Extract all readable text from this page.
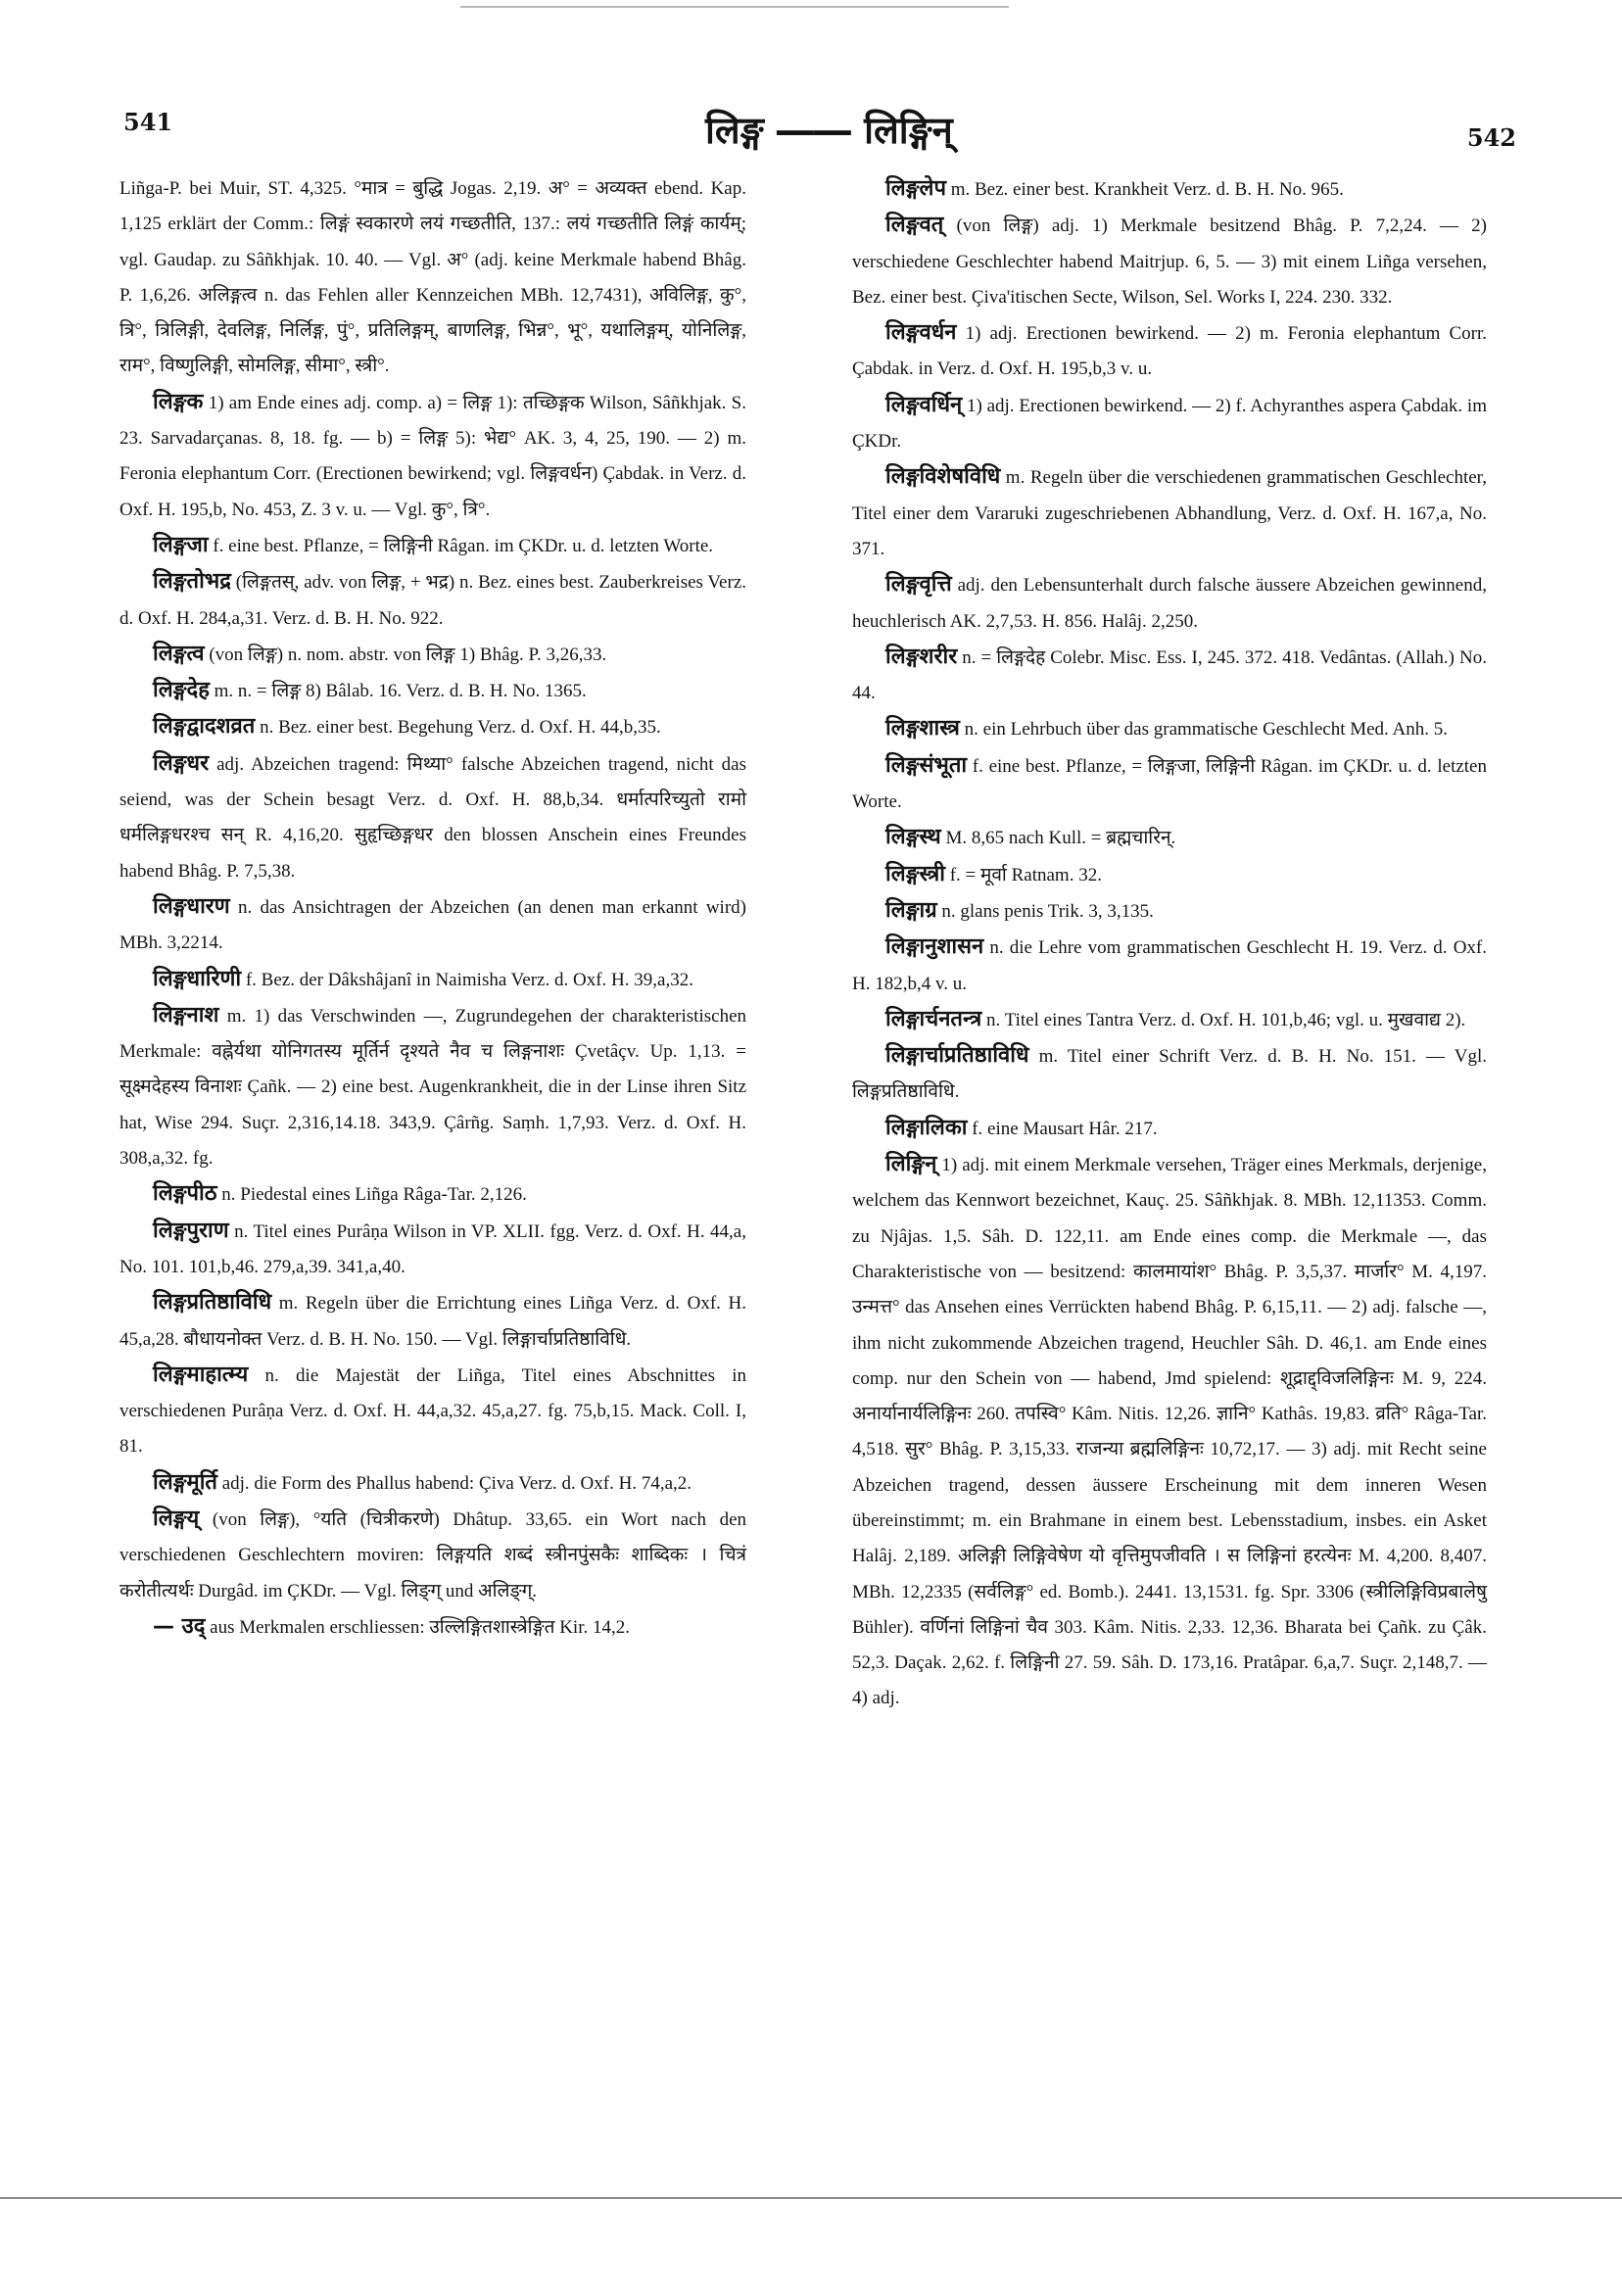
541	लिङ्ग ―― लिङ्गिन्	542

Liñga-P. bei Muir, ST. 4,325. °मात्र = बुद्धि Jogas. 2,19. अ° = अव्यक्त ebend. Kap. 1,125 erklärt der Comm.: लिङ्गं स्वकारणे लयं गच्छतीति, 137.: लयं गच्छतीति लिङ्गं कार्यम्; vgl. Gaudap. zu Sâñkhjak. 10. 40. — Vgl. अ° (adj. keine Merkmale habend Bhâg. P. 1,6,26. अलिङ्गत्व n. das Fehlen aller Kennzeichen MBh. 12,7431), अविलिङ्ग, कु°, त्रि°, त्रिलिङ्गी, देवलिङ्ग, निर्लिङ्ग, पुं°, प्रतिलिङ्गम्, बाणलिङ्ग, भिन्न°, भू°, यथालिङ्गम्, योनिलिङ्ग, राम°, विष्णुलिङ्गी, सोमलिङ्ग, सीमा°, स्त्री°.

लिङ्गक 1) am Ende eines adj. comp. a) = लिङ्ग 1): तच्छिङ्गक Wilson, Sâñkhjak. S. 23. Sarvadarçanas. 8, 18. fg. — b) = लिङ्ग 5): भेद्य° AK. 3, 4, 25, 190. — 2) m. Feronia elephantum Corr. (Erectionen bewirkend; vgl. लिङ्गवर्धन) Çabdak. in Verz. d. Oxf. H. 195,b, No. 453, Z. 3 v. u. — Vgl. कु°, त्रि°.

लिङ्गजा f. eine best. Pflanze, = लिङ्गिनी Râgan. im ÇKDr. u. d. letzten Worte.

लिङ्गतोभद्र (लिङ्गतस्, adv. von लिङ्ग, + भद्र) n. Bez. eines best. Zauberkreises Verz. d. Oxf. H. 284,a,31. Verz. d. B. H. No. 922.

लिङ्गत्व (von लिङ्ग) n. nom. abstr. von लिङ्ग 1) Bhâg. P. 3,26,33.

लिङ्गदेह m. n. = लिङ्ग 8) Bâlab. 16. Verz. d. B. H. No. 1365.

लिङ्गद्वादशव्रत n. Bez. einer best. Begehung Verz. d. Oxf. H. 44,b,35.

लिङ्गधर adj. Abzeichen tragend: मिथ्या° falsche Abzeichen tragend, nicht das seiend, was der Schein besagt Verz. d. Oxf. H. 88,b,34. धर्मात्परिच्युतो रामो धर्मलिङ्गधरश्च सन् R. 4,16,20. सुहृच्छिङ्गधर den blossen Anschein eines Freundes habend Bhâg. P. 7,5,38.

लिङ्गधारण n. das Ansichtragen der Abzeichen (an denen man erkannt wird) MBh. 3,2214.

लिङ्गधारिणी f. Bez. der Dâkshâjanî in Naimisha Verz. d. Oxf. H. 39,a,32.

लिङ्गनाश m. 1) das Verschwinden —, Zugrundegehen der charakteristischen Merkmale: वह्नेर्यथा योनिगतस्य मूर्तिर्न दृश्यते नैव च लिङ्गनाशः Çvetâçv. Up. 1,13. = सूक्ष्मदेहस्य विनाशः Çañk. — 2) eine best. Augenkrankheit, die in der Linse ihren Sitz hat, Wise 294. Suçr. 2,316,14.18. 343,9. Çârñg. Saṃh. 1,7,93. Verz. d. Oxf. H. 308,a,32. fg.

लिङ्गपीठ n. Piedestal eines Liñga Râga-Tar. 2,126.

लिङ्गपुराण n. Titel eines Purâṇa Wilson in VP. XLII. fgg. Verz. d. Oxf. H. 44,a, No. 101. 101,b,46. 279,a,39. 341,a,40.

लिङ्गप्रतिष्ठाविधि m. Regeln über die Errichtung eines Liñga Verz. d. Oxf. H. 45,a,28. बौधायनोक्त Verz. d. B. H. No. 150. — Vgl. लिङ्गार्चाप्रतिष्ठाविधि.

लिङ्गमाहात्म्य n. die Majestät der Liñga, Titel eines Abschnittes in verschiedenen Purâṇa Verz. d. Oxf. H. 44,a,32. 45,a,27. fg. 75,b,15. Mack. Coll. I, 81.

लिङ्गमूर्ति adj. die Form des Phallus habend: Çiva Verz. d. Oxf. H. 74,a,2.

लिङ्गय् (von लिङ्ग), °यति (चित्रीकरणे) Dhâtup. 33,65. ein Wort nach den verschiedenen Geschlechtern moviren: लिङ्गयति शब्दं स्त्रीनपुंसकैः शाब्दिकः । चित्रं करोतीत्यर्थः Durgâd. im ÇKDr. — Vgl. लिङ्ग् und अलिङ्ग्.

— उद् aus Merkmalen erschliessen: उल्लिङ्गितशास्त्रेङ्गित Kir. 14,2.

लिङ्गलेप m. Bez. einer best. Krankheit Verz. d. B. H. No. 965.

लिङ्गवत् (von लिङ्ग) adj. 1) Merkmale besitzend Bhâg. P. 7,2,24. — 2) verschiedene Geschlechter habend Maitrjup. 6, 5. — 3) mit einem Liñga versehen, Bez. einer best. Çiva'itischen Secte, Wilson, Sel. Works I, 224. 230. 332.

लिङ्गवर्धन 1) adj. Erectionen bewirkend. — 2) m. Feronia elephantum Corr. Çabdak. in Verz. d. Oxf. H. 195,b,3 v. u.

लिङ्गवर्धिन् 1) adj. Erectionen bewirkend. — 2) f. Achyranthes aspera Çabdak. im ÇKDr.

लिङ्गविशेषविधि m. Regeln über die verschiedenen grammatischen Geschlechter, Titel einer dem Vararuki zugeschriebenen Abhandlung, Verz. d. Oxf. H. 167,a, No. 371.

लिङ्गवृत्ति adj. den Lebensunterhalt durch falsche äussere Abzeichen gewinnend, heuchlerisch AK. 2,7,53. H. 856. Halâj. 2,250.

लिङ्गशरीर n. = लिङ्गदेह Colebr. Misc. Ess. I, 245. 372. 418. Vedântas. (Allah.) No. 44.

लिङ्गशास्त्र n. ein Lehrbuch über das grammatische Geschlecht Med. Anh. 5.

लिङ्गसंभूता f. eine best. Pflanze, = लिङ्गजा, लिङ्गिनी Râgan. im ÇKDr. u. d. letzten Worte.

लिङ्गस्थ M. 8,65 nach Kull. = ब्रह्मचारिन्.

लिङ्गस्त्री f. = मूर्वा Ratnam. 32.

लिङ्गाग्र n. glans penis Trik. 3, 3,135.

लिङ्गानुशासन n. die Lehre vom grammatischen Geschlecht H. 19. Verz. d. Oxf. H. 182,b,4 v. u.

लिङ्गार्चनतन्त्र n. Titel eines Tantra Verz. d. Oxf. H. 101,b,46; vgl. u. मुखवाद्य 2).

लिङ्गार्चाप्रतिष्ठाविधि m. Titel einer Schrift Verz. d. B. H. No. 151. — Vgl. लिङ्गप्रतिष्ठाविधि.

लिङ्गालिका f. eine Mausart Hâr. 217.

लिङ्गिन् 1) adj. mit einem Merkmale versehen, Träger eines Merkmals, derjenige, welchem das Kennwort bezeichnet, Kauç. 25. Sâñkhjak. 8. MBh. 12,11353. Comm. zu Njâjas. 1,5. Sâh. D. 122,11. am Ende eines comp. die Merkmale —, das Charakteristische von — besitzend: कालमायांश° Bhâg. P. 3,5,37. मार्जार° M. 4,197. उन्मत्त° das Ansehen eines Verrückten habend Bhâg. P. 6,15,11. — 2) adj. falsche —, ihm nicht zukommende Abzeichen tragend, Heuchler Sâh. D. 46,1. am Ende eines comp. nur den Schein von — habend, Jmd spielend: शूद्राद्द्विजलिङ्गिनः M. 9, 224. अनार्यानार्यलिङ्गिनः 260. तपस्वि° Kâm. Nitis. 12,26. ज्ञानि° Kathâs. 19,83. व्रति° Râga-Tar. 4,518. सुर° Bhâg. P. 3,15,33. राजन्या ब्रह्मलिङ्गिनः 10,72,17. — 3) adj. mit Recht seine Abzeichen tragend, dessen äussere Erscheinung mit dem inneren Wesen übereinstimmt; m. ein Brahmane in einem best. Lebensstadium, insbes. ein Asket Halâj. 2,189. अलिङ्गी लिङ्गिवेषेण यो वृत्तिमुपजीवति । स लिङ्गिनां हरत्येनः M. 4,200. 8,407. MBh. 12,2335 (सर्वलिङ्ग° ed. Bomb.). 2441. 13,1531. fg. Spr. 3306 (स्त्रीलिङ्गिविप्रबालेषु Bühler). वर्णिनां लिङ्गिनां चैव 303. Kâm. Nitis. 2,33. 12,36. Bharata bei Çañk. zu Çâk. 52,3. Daçak. 2,62. f. लिङ्गिनी 27. 59. Sâh. D. 173,16. Pratâpar. 6,a,7. Suçr. 2,148,7. — 4) adj.
